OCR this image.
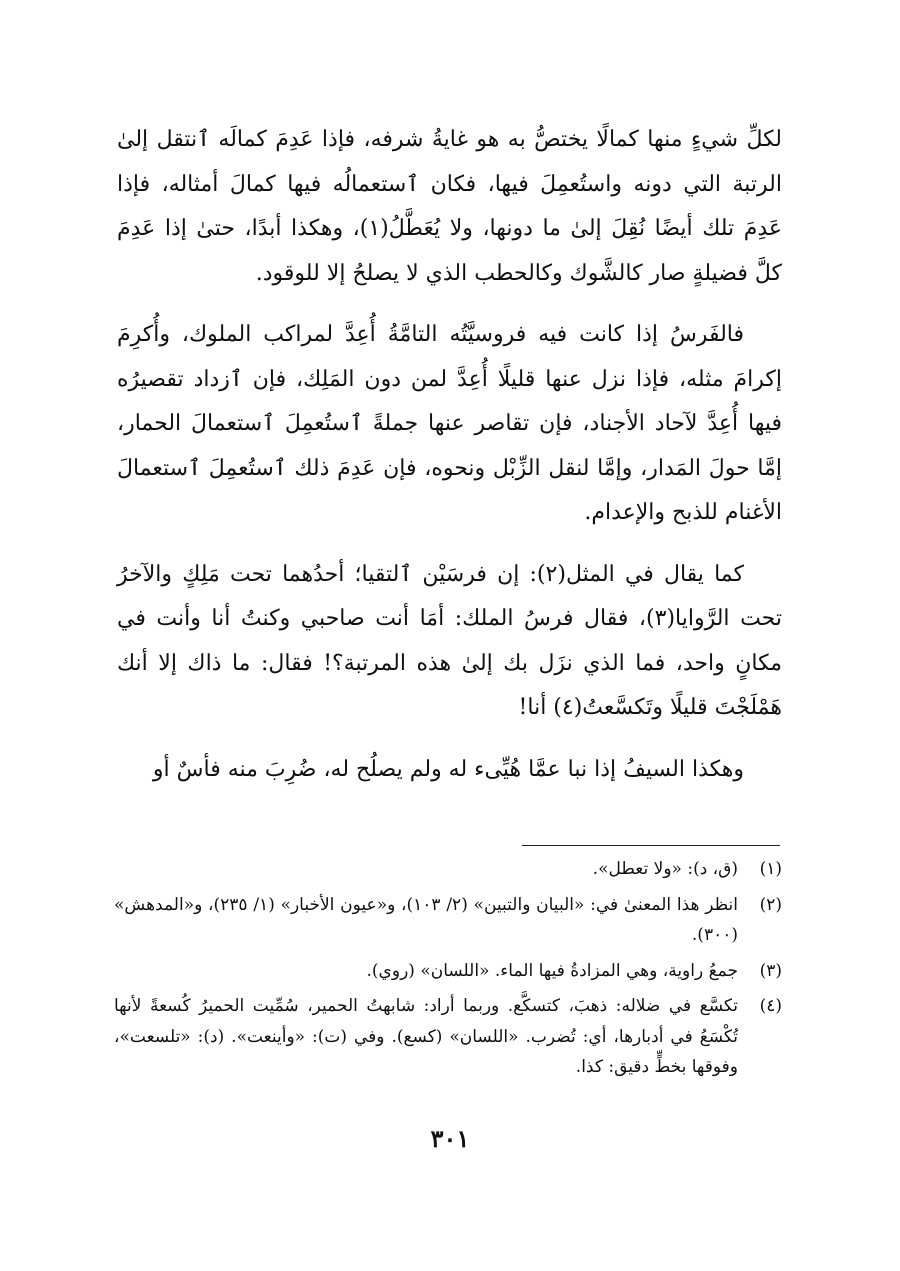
لكلِّ شيءٍ منها كمالًا يختصُّ به هو غايةُ شرفه، فإذا عَدِمَ كمالَه ٱنتقل إلىٰ الرتبة التي دونه واستُعمِلَ فيها، فكان ٱستعمالُه فيها كمالَ أمثاله، فإذا عَدِمَ تلك أيضًا نُقِلَ إلىٰ ما دونها، ولا يُعَطَّلُ(١)، وهكذا أبدًا، حتىٰ إذا عَدِمَ كلَّ فضيلةٍ صار كالشَّوك وكالحطب الذي لا يصلحُ إلا للوقود.

فالفَرسُ إذا كانت فيه فروسيَّتُه التامَّةُ أُعِدَّ لمراكب الملوك، وأُكرِمَ إكرامَ مثله، فإذا نزل عنها قليلًا أُعِدَّ لمن دون المَلِك، فإن ٱزداد تقصيرُه فيها أُعِدَّ لآحاد الأجناد، فإن تقاصر عنها جملةً ٱستُعمِلَ ٱستعمالَ الحمار، إمَّا حولَ المَدار، وإمَّا لنقل الزِّبْل ونحوه، فإن عَدِمَ ذلك ٱستُعمِلَ ٱستعمالَ الأغنام للذبح والإعدام.

كما يقال في المثل(٢): إن فرسَيْن ٱلتقيا؛ أحدُهما تحت مَلِكٍ والآخرُ تحت الرَّوايا(٣)، فقال فرسُ الملك: أمَا أنت صاحبي وكنتُ أنا وأنت في مكانٍ واحد، فما الذي نزَل بك إلىٰ هذه المرتبة؟! فقال: ما ذاك إلا أنك هَمْلَجْتَ قليلًا وتَكسَّعتُ(٤) أنا!

وهكذا السيفُ إذا نبا عمَّا هُيِّىء له ولم يصلُح له، ضُرِبَ منه فأسٌ أو

(١)
(ق، د): «ولا تعطل».
(٢)
انظر هذا المعنىٰ في: «البيان والتبين» (٢/ ١٠٣)، و«عيون الأخبار» (١/ ٢٣٥)، و«المدهش» (٣٠٠).
(٣)
جمعُ راوية، وهي المزادةُ فيها الماء. «اللسان» (روي).
(٤)
تكسَّع في ضلاله: ذهبَ، كتسكَّع. وربما أراد: شابهتُ الحمير، سُمِّيت الحميرُ كُسعةً لأنها تُكْسَعُ في أدبارها، أي: تُضرب. «اللسان» (كسع). وفي (ت): «وأينعت». (د): «تلسعت»، وفوقها بخطٍّ دقيق: كذا.
٣٠١
